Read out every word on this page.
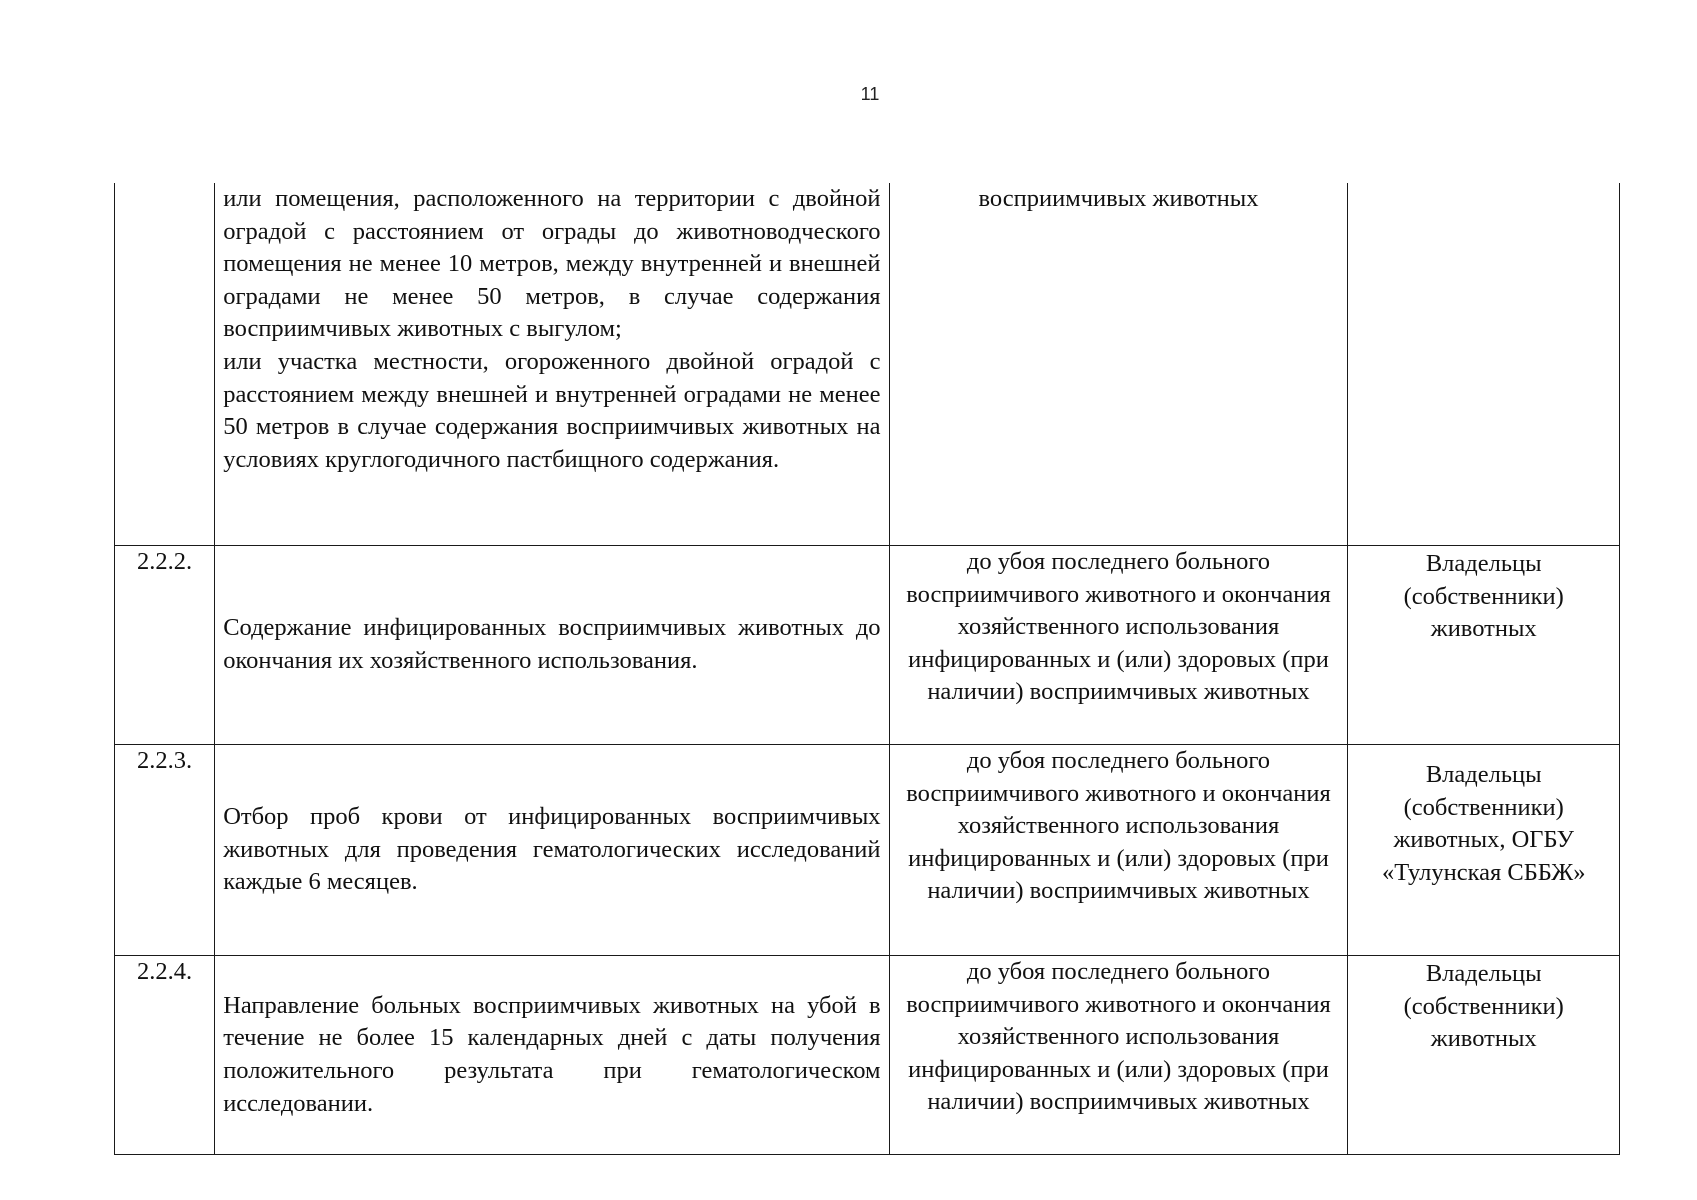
11

	или помещения, расположенного на территории с двойной оградой с расстоянием от ограды до животноводческого помещения не менее 10 метров, между внутренней и внешней оградами не менее 50 метров, в случае содержания восприимчивых животных с выгулом;
или участка местности, огороженного двойной оградой с расстоянием между внешней и внутренней оградами не менее 50 метров в случае содержания восприимчивых животных на условиях круглогодичного пастбищного содержания.	восприимчивых животных	
2.2.2.	Содержание инфицированных восприимчивых животных до окончания их хозяйственного использования.	до убоя последнего больного восприимчивого животного и окончания хозяйственного использования инфицированных и (или) здоровых (при наличии) восприимчивых животных	Владельцы (собственники) животных
2.2.3.	Отбор проб крови от инфицированных восприимчивых животных для проведения гематологических исследований каждые 6 месяцев.	до убоя последнего больного восприимчивого животного и окончания хозяйственного использования инфицированных и (или) здоровых (при наличии) восприимчивых животных	Владельцы (собственники) животных, ОГБУ «Тулунская СББЖ»
2.2.4.	Направление больных восприимчивых животных на убой в течение не более 15 календарных дней с даты получения положительного результата при гематологическом исследовании.	до убоя последнего больного восприимчивого животного и окончания хозяйственного использования инфицированных и (или) здоровых (при наличии) восприимчивых животных	Владельцы (собственники) животных
